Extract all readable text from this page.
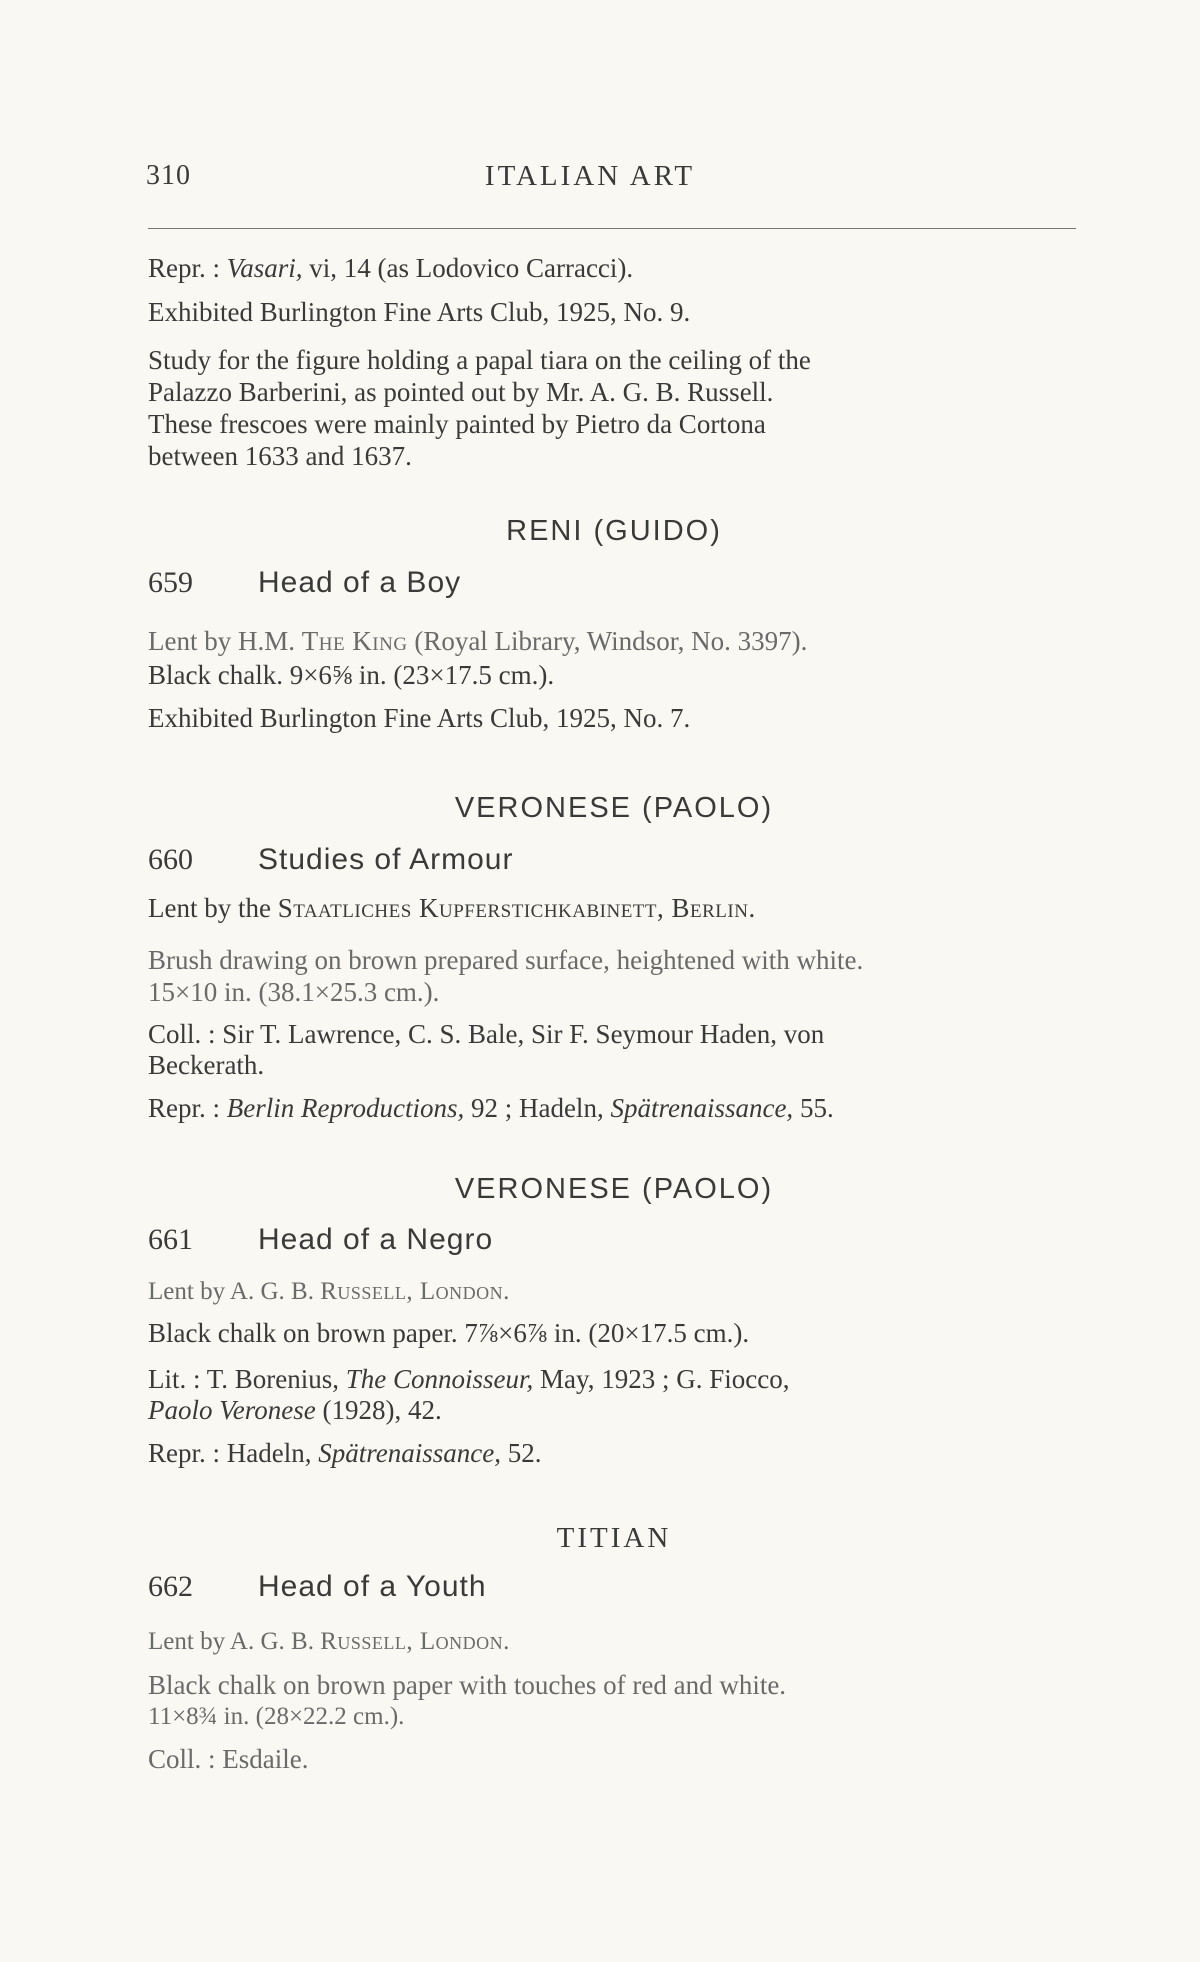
310	ITALIAN ART
Repr. : Vasari, vi, 14 (as Lodovico Carracci).
Exhibited Burlington Fine Arts Club, 1925, No. 9.
Study for the figure holding a papal tiara on the ceiling of the
Palazzo Barberini, as pointed out by Mr. A. G. B. Russell.
These frescoes were mainly painted by Pietro da Cortona
between 1633 and 1637.
RENI (GUIDO)
659 Head of a Boy
Lent by H.M. The King (Royal Library, Windsor, No. 3397).
Black chalk. 9×6⅝ in. (23×17.5 cm.).
Exhibited Burlington Fine Arts Club, 1925, No. 7.
VERONESE (PAOLO)
660 Studies of Armour
Lent by the Staatliches Kupferstichkabinett, Berlin.
Brush drawing on brown prepared surface, heightened with white.
15×10 in. (38.1×25.3 cm.).
Coll. : Sir T. Lawrence, C. S. Bale, Sir F. Seymour Haden, von
Beckerath.
Repr. : Berlin Reproductions, 92 ; Hadeln, Spätrenaissance, 55.
VERONESE (PAOLO)
661 Head of a Negro
Lent by A. G. B. Russell, London.
Black chalk on brown paper. 7⅞×6⅞ in. (20×17.5 cm.).
Lit. : T. Borenius, The Connoisseur, May, 1923 ; G. Fiocco,
Paolo Veronese (1928), 42.
Repr. : Hadeln, Spätrenaissance, 52.
TITIAN
662 Head of a Youth
Lent by A. G. B. Russell, London.
Black chalk on brown paper with touches of red and white.
11×8¾ in. (28×22.2 cm.).
Coll. : Esdaile.
